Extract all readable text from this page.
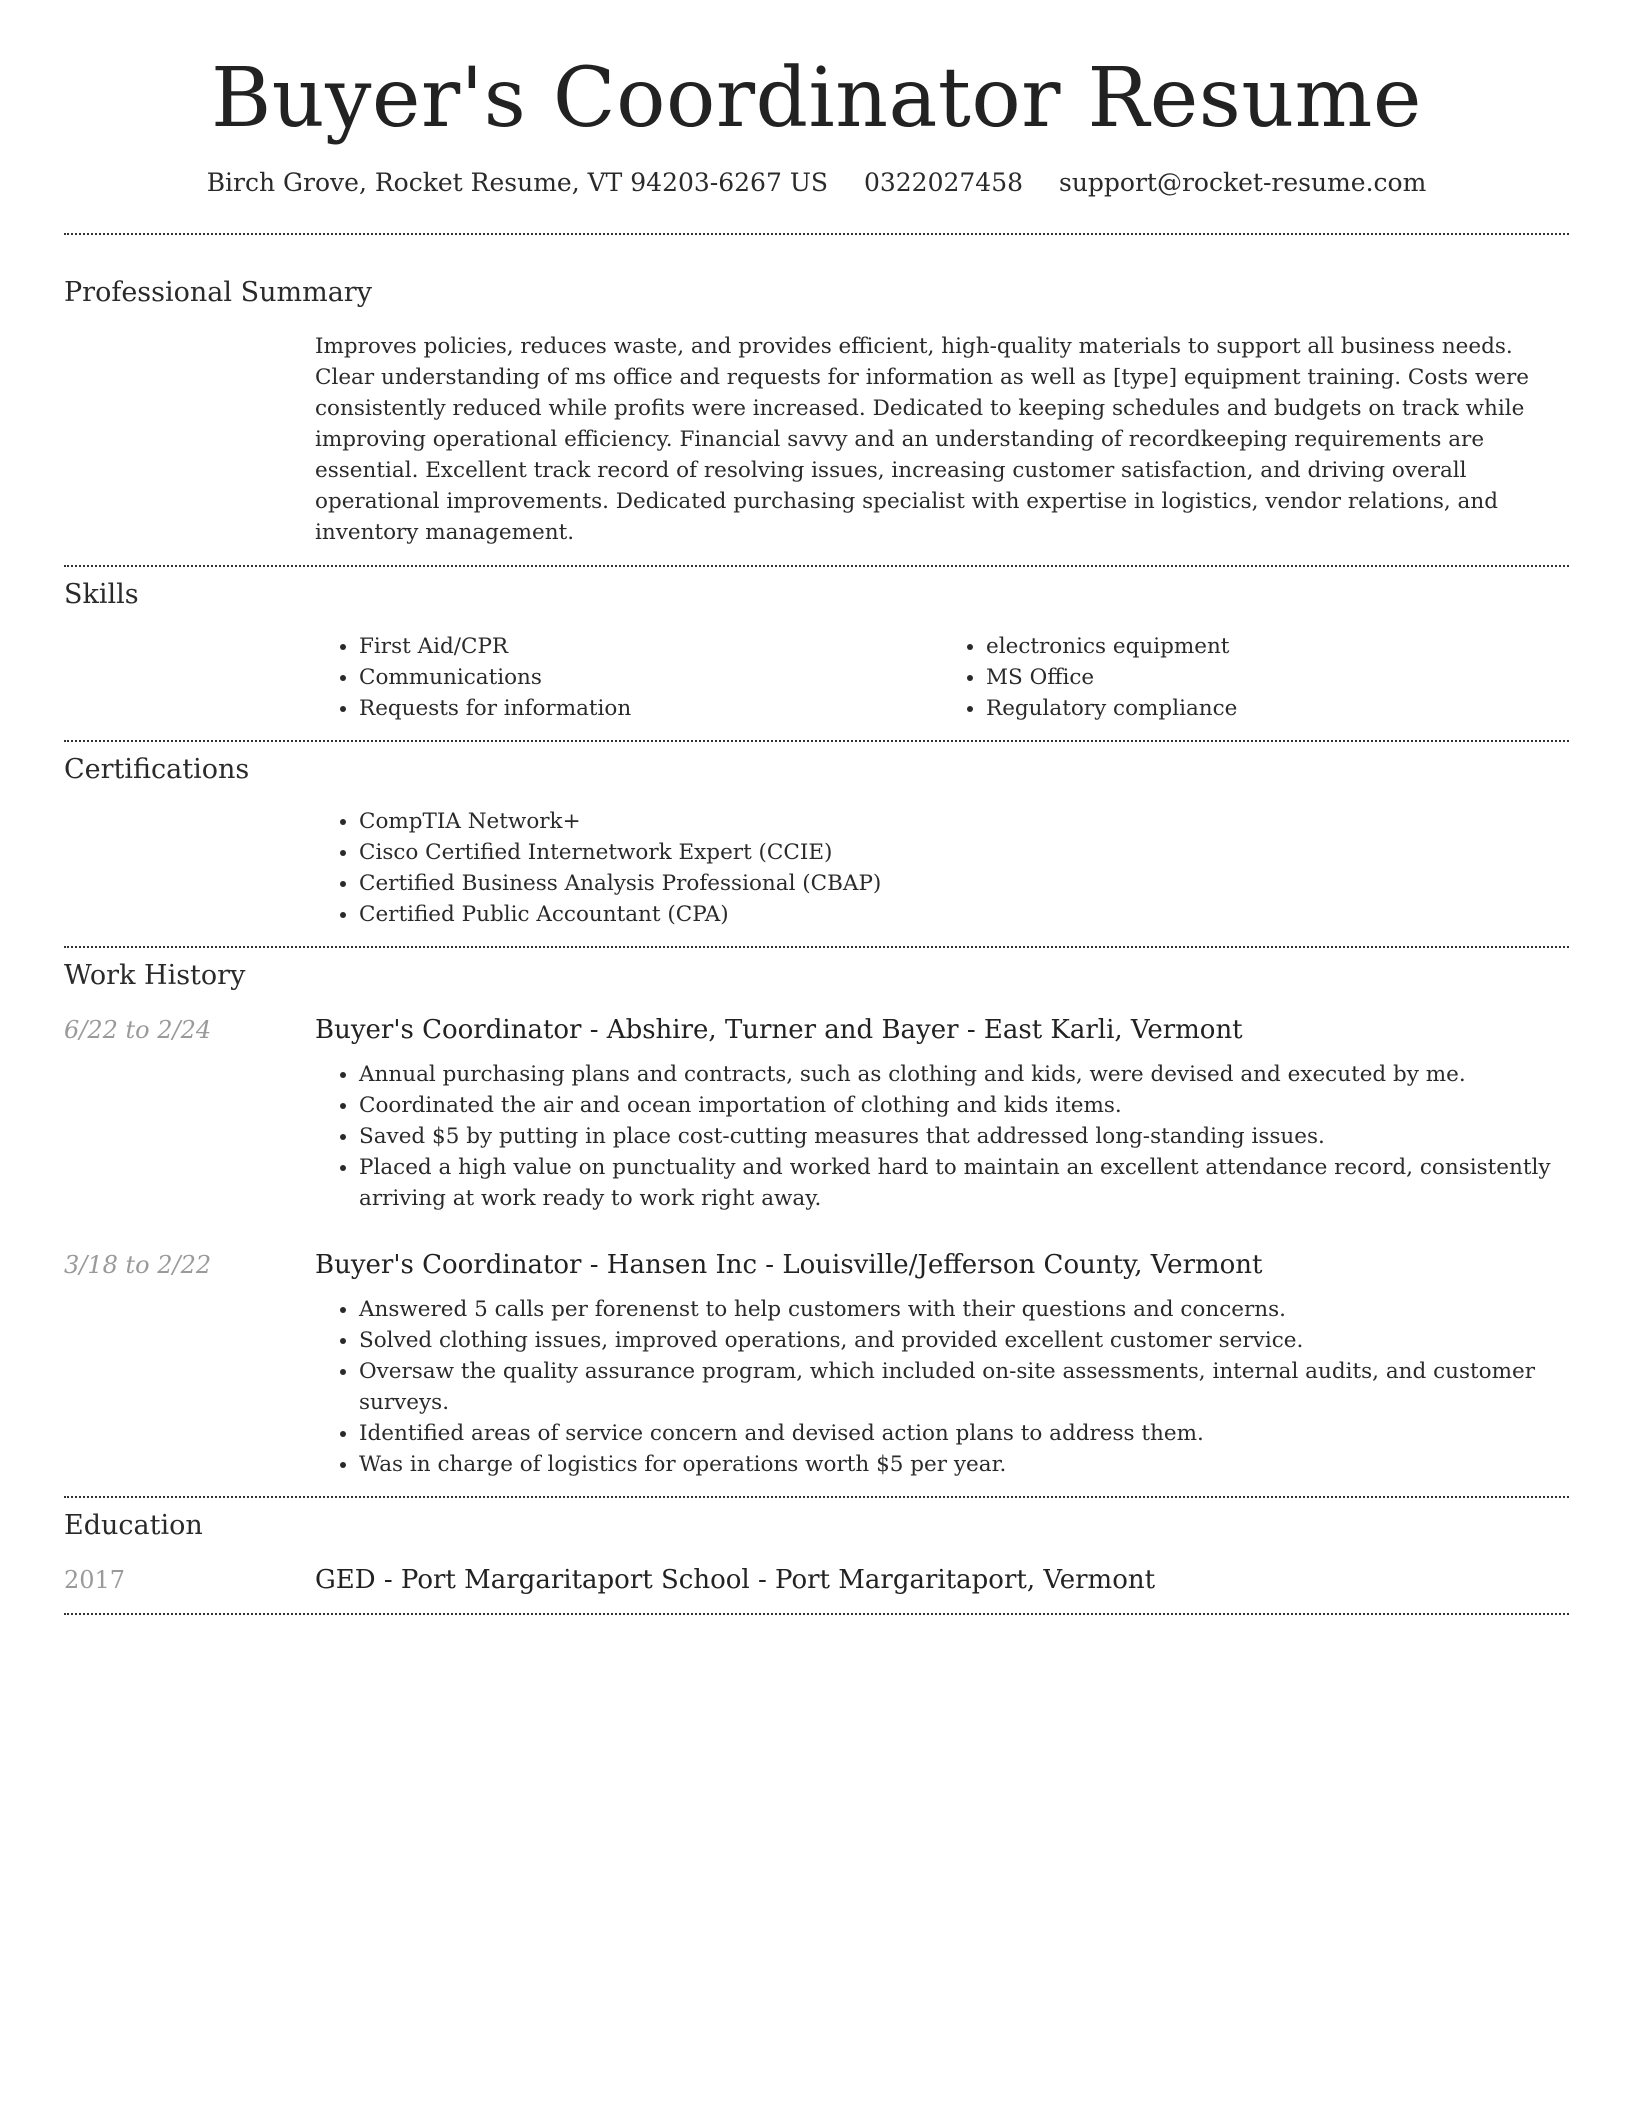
Buyer's Coordinator Resume
Birch Grove, Rocket Resume, VT 94203-6267 US 0322027458 support@rocket-resume.com
Professional Summary

Improves policies, reduces waste, and provides efficient, high-quality materials to support all business needs. Clear understanding of ms office and requests for information as well as [type] equipment training. Costs were consistently reduced while profits were increased. Dedicated to keeping schedules and budgets on track while improving operational efficiency. Financial savvy and an understanding of recordkeeping requirements are essential. Excellent track record of resolving issues, increasing customer satisfaction, and driving overall operational improvements. Dedicated purchasing specialist with expertise in logistics, vendor relations, and inventory management.

Skills
• First Aid/CPR
• Communications
• Requests for information
• electronics equipment
• MS Office
• Regulatory compliance
Certifications
• CompTIA Network+
• Cisco Certified Internetwork Expert (CCIE)
• Certified Business Analysis Professional (CBAP)
• Certified Public Accountant (CPA)
Work History
6/22 to 2/24	Buyer's Coordinator - Abshire, Turner and Bayer - East Karli, Vermont
• Annual purchasing plans and contracts, such as clothing and kids, were devised and executed by me.
• Coordinated the air and ocean importation of clothing and kids items.
• Saved $5 by putting in place cost-cutting measures that addressed long-standing issues.
• Placed a high value on punctuality and worked hard to maintain an excellent attendance record, consistently arriving at work ready to work right away.
3/18 to 2/22	Buyer's Coordinator - Hansen Inc - Louisville/Jefferson County, Vermont
• Answered 5 calls per forenenst to help customers with their questions and concerns.
• Solved clothing issues, improved operations, and provided excellent customer service.
• Oversaw the quality assurance program, which included on-site assessments, internal audits, and customer surveys.
• Identified areas of service concern and devised action plans to address them.
• Was in charge of logistics for operations worth $5 per year.
Education
2017	GED - Port Margaritaport School - Port Margaritaport, Vermont
